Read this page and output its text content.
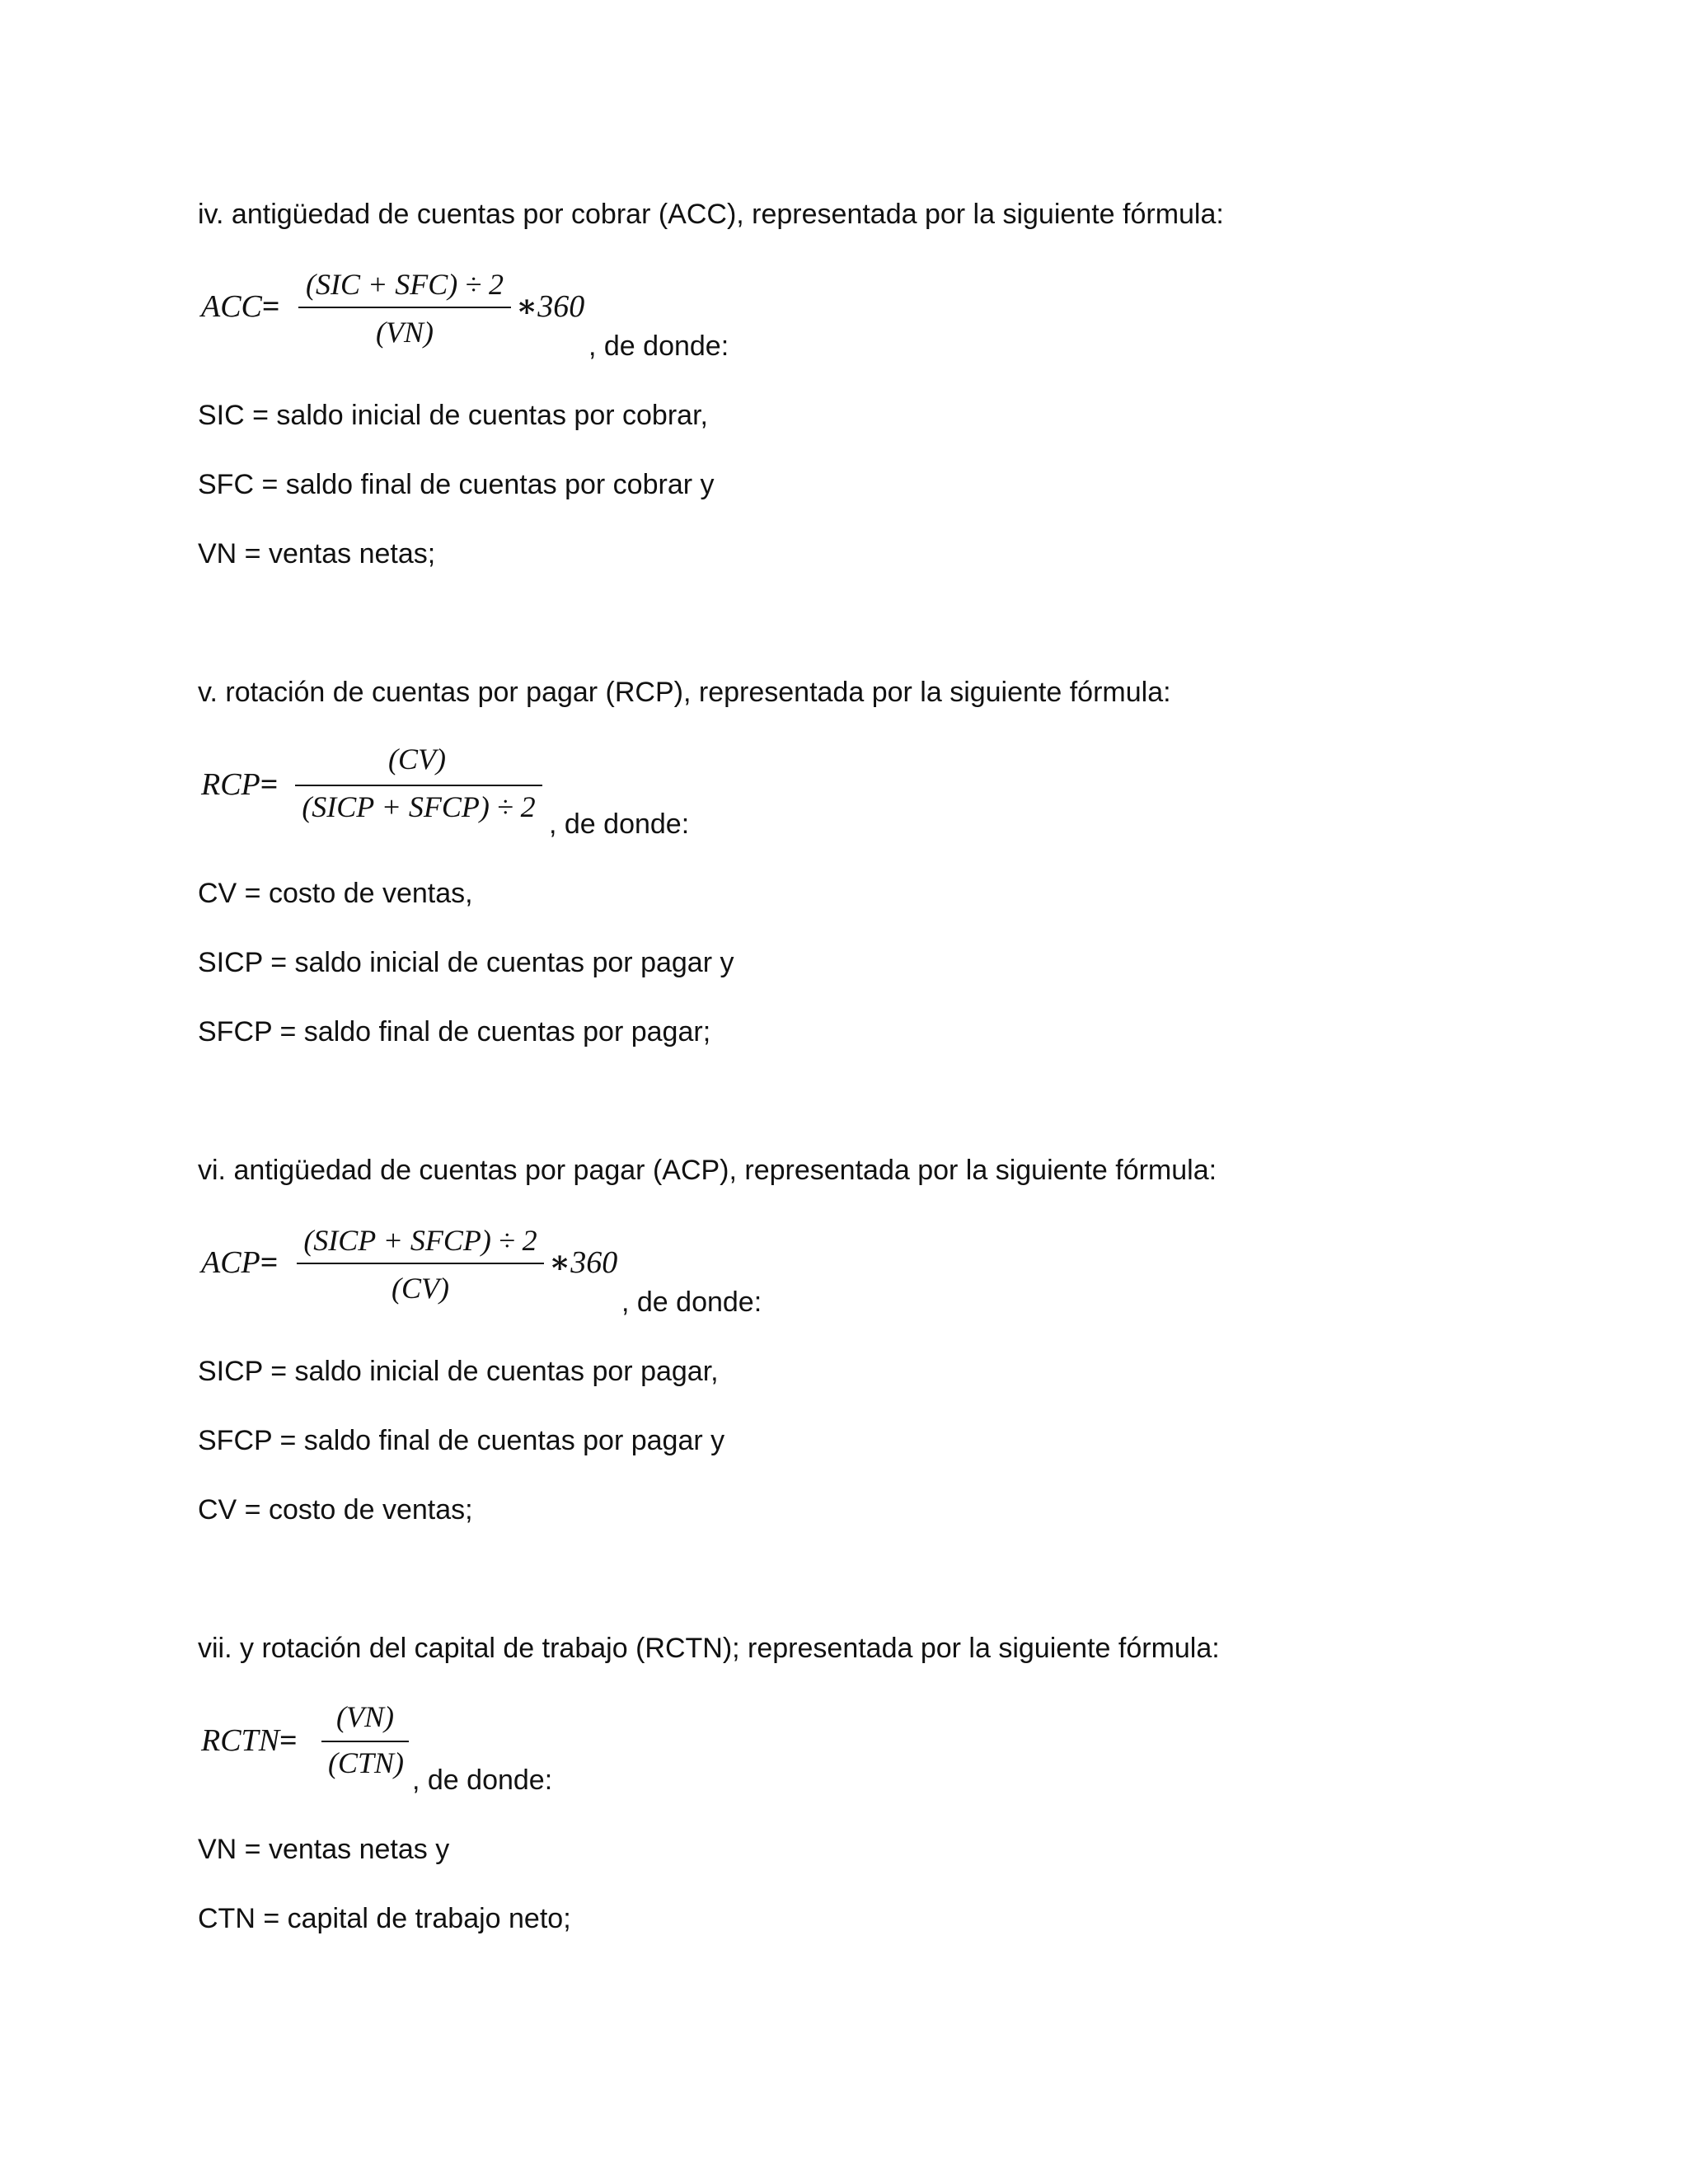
iv. antigüedad de cuentas por cobrar (ACC), representada por la siguiente fórmula:
ACC=
(SIC + SFC) ÷ 2
(VN)
∗360
, de donde:
SIC = saldo inicial de cuentas por cobrar,
SFC = saldo final de cuentas por cobrar y
VN = ventas netas;
v. rotación de cuentas por pagar (RCP), representada por la siguiente fórmula:
RCP=
(CV)
(SICP + SFCP) ÷ 2
, de donde:
CV = costo de ventas,
SICP = saldo inicial de cuentas por pagar y
SFCP = saldo final de cuentas por pagar;
vi. antigüedad de cuentas por pagar (ACP), representada por la siguiente fórmula:
ACP=
(SICP + SFCP) ÷ 2
(CV)
∗360
, de donde:
SICP = saldo inicial de cuentas por pagar,
SFCP = saldo final de cuentas por pagar y
CV = costo de ventas;
vii. y rotación del capital de trabajo (RCTN); representada por la siguiente fórmula:
RCTN=
(VN)
(CTN)
, de donde:
VN = ventas netas y
CTN = capital de trabajo neto;
